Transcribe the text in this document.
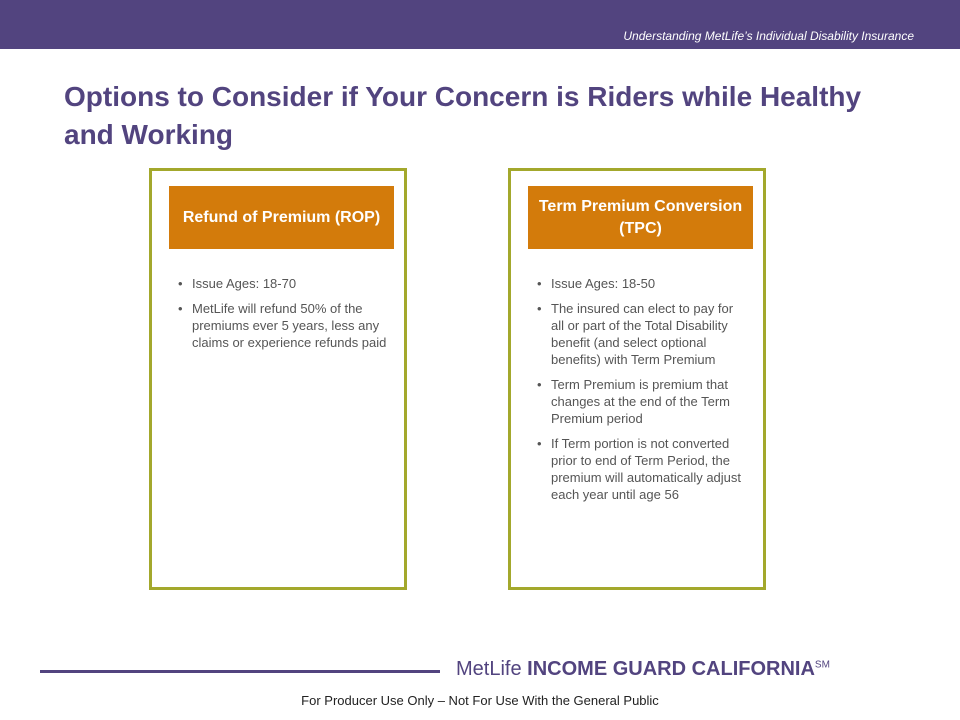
Understanding MetLife’s Individual Disability Insurance
Options to Consider if Your Concern is Riders while Healthy and Working
Refund of Premium (ROP)
• Issue Ages: 18-70
• MetLife will refund 50% of the premiums ever 5 years, less any claims or experience refunds paid
Term Premium Conversion (TPC)
• Issue Ages: 18-50
• The insured can elect to pay for all or part of the Total Disability benefit (and select optional benefits) with Term Premium
• Term Premium is premium that changes at the end of the Term Premium period
• If Term portion is not converted prior to end of Term Period, the premium will automatically adjust each year until age 56
MetLife INCOME GUARD CALIFORNIA℠
For Producer Use Only – Not For Use With the General Public
